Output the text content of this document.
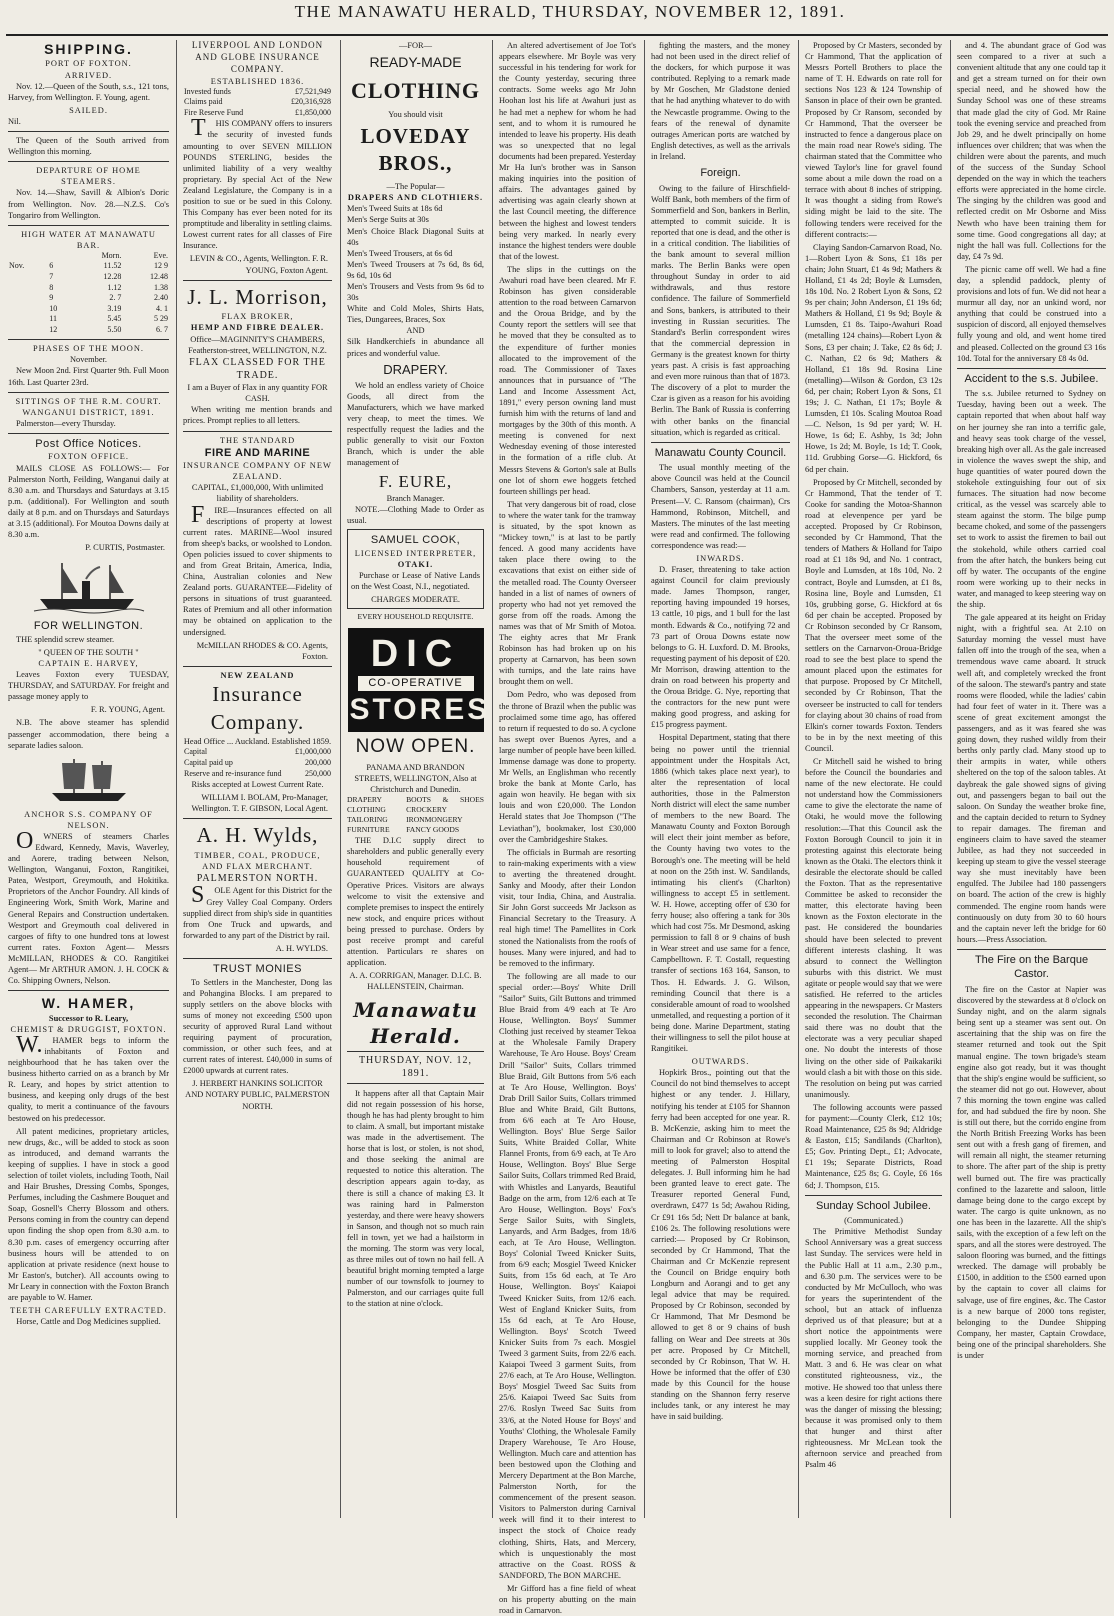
THE MANAWATU HERALD, THURSDAY, NOVEMBER 12, 1891.
SHIPPING.
PORT OF FOXTON.
ARRIVED.
Nov. 12.—Queen of the South, s.s., 121 tons, Harvey, from Wellington. F. Young, agent.
SAILED.
Nil.
The Queen of the South arrived from Wellington this morning.
DEPARTURE OF HOME STEAMERS.
Nov. 14.—Shaw, Savill & Albion's Doric from Wellington. Nov. 28.—N.Z.S. Co's Tongariro from Wellington.
HIGH WATER AT MANAWATU BAR.
		Morn.	Eve.
Nov.	6	11.52	12 9
	7	12.28	12.48
	8	1.12	1.38
	9	2. 7	2.40
	10	3.19	4. 1
	11	5.45	5 29
	12	5.50	6. 7
PHASES OF THE MOON.
November.
New Moon 2nd. First Quarter 9th. Full Moon 16th. Last Quarter 23rd.
SITTINGS OF THE R.M. COURT.
WANGANUI DISTRICT, 1891.
Palmerston—every Thursday.
Post Office Notices.
FOXTON OFFICE.
MAILS CLOSE AS FOLLOWS:— For Palmerston North, Feilding, Wanganui daily at 8.30 a.m. and Thursdays and Saturdays at 3.15 p.m. (additional). For Wellington and south daily at 8 p.m. and on Thursdays and Saturdays at 3.15 (additional). For Moutoa Downs daily at 8.30 a.m.
P. CURTIS, Postmaster.
FOR WELLINGTON.
THE splendid screw steamer.
" QUEEN OF THE SOUTH "
CAPTAIN E. HARVEY,
Leaves Foxton every TUESDAY, THURSDAY, and SATURDAY. For freight and passage money apply to
F. R. YOUNG, Agent.
N.B. The above steamer has splendid passenger accommodation, there being a separate ladies saloon.
ANCHOR S.S. COMPANY OF NELSON.
OWNERS of steamers Charles Edward, Kennedy, Mavis, Waverley, and Aorere, trading between Nelson, Wellington, Wanganui, Foxton, Rangitikei, Patea, Westport, Greymouth, and Hokitika. Proprietors of the Anchor Foundry. All kinds of Engineering Work, Smith Work, Marine and General Repairs and Construction undertaken. Westport and Greymouth coal delivered in cargoes of fifty to one hundred tons at lowest current rates. Foxton Agent— Messrs McMILLAN, RHODES & CO. Rangitikei Agent— Mr ARTHUR AMON. J. H. COCK & Co. Shipping Owners, Nelson.
W. HAMER,
Successor to R. Leary,
CHEMIST & DRUGGIST, FOXTON.
W.HAMER begs to inform the inhabitants of Foxton and neighbourhood that he has taken over the business hitherto carried on as a branch by Mr R. Leary, and hopes by strict attention to business, and keeping only drugs of the best quality, to merit a continuance of the favours bestowed on his predecessor.
All patent medicines, proprietary articles, new drugs, &c., will be added to stock as soon as introduced, and demand warrants the keeping of supplies. I have in stock a good selection of toilet violets, including Tooth, Nail and Hair Brushes, Dressing Combs, Sponges, Perfumes, including the Cashmere Bouquet and Soap, Gosnell's Cherry Blossom and others. Persons coming in from the country can depend upon finding the shop open from 8.30 a.m. to 8.30 p.m. cases of emergency occurring after business hours will be attended to on application at private residence (next house to Mr Easton's, butcher). All accounts owing to Mr Leary in connection with the Foxton Branch are payable to W. Hamer.
TEETH CAREFULLY EXTRACTED.
Horse, Cattle and Dog Medicines supplied.
LIVERPOOL AND LONDON AND GLOBE INSURANCE COMPANY.
ESTABLISHED 1836.
Invested funds	£7,521,949
Claims paid	£20,316,928
Fire Reserve Fund	£1,850,000
THIS COMPANY offers to insurers the security of invested funds amounting to over SEVEN MILLION POUNDS STERLING, besides the unlimited liability of a very wealthy proprietary. By special Act of the New Zealand Legislature, the Company is in a position to sue or be sued in this Colony. This Company has ever been noted for its promptitude and liberality in settling claims. Lowest current rates for all classes of Fire Insurance.
LEVIN & CO., Agents, Wellington. F. R. YOUNG, Foxton Agent.
J. L. Morrison,
FLAX BROKER,
HEMP AND FIBRE DEALER.
Office—MAGINNITY'S CHAMBERS, Featherston-street, WELLINGTON, N.Z.
FLAX CLASSED FOR THE TRADE.
I am a Buyer of Flax in any quantity FOR CASH.
When writing me mention brands and prices. Prompt replies to all letters.
THE STANDARD
FIRE AND MARINE
INSURANCE COMPANY OF NEW ZEALAND.
CAPITAL, £1,000,000, With unlimited liability of shareholders.
FIRE—Insurances effected on all descriptions of property at lowest current rates. MARINE—Wool insured from sheep's backs, or woolshed to London. Open policies issued to cover shipments to and from Great Britain, America, India, China, Australian colonies and New Zealand ports. GUARANTEE—Fidelity of persons in situations of trust guaranteed. Rates of Premium and all other information may be obtained on application to the undersigned.
McMILLAN RHODES & CO. Agents, Foxton.
NEW ZEALAND
Insurance Company.
Head Office ... Auckland. Established 1859.
Capital	£1,000,000
Capital paid up	200,000
Reserve and re-insurance fund	250,000
Risks accepted at Lowest Current Rate.
WILLIAM I. BOLAM, Pro-Manager, Wellington. T. F. GIBSON, Local Agent.
A. H. Wylds,
TIMBER, COAL, PRODUCE, AND FLAX MERCHANT.
PALMERSTON NORTH.
SOLE Agent for this District for the Grey Valley Coal Company. Orders supplied direct from ship's side in quantities from One Truck and upwards, and forwarded to any part of the District by rail.
A. H. WYLDS.
TRUST MONIES
To Settlers in the Manchester, Dong las and Pohangina Blocks. I am prepared to supply settlers on the above blocks with sums of money not exceeding £500 upon security of approved Rural Land without requiring payment of procuration, commission, or other such fees, and at current rates of interest. £40,000 in sums of £2000 upwards at current rates.
J. HERBERT HANKINS SOLICITOR AND NOTARY PUBLIC, PALMERSTON NORTH.
—FOR—
READY-MADE
CLOTHING
You should visit
LOVEDAY BROS.,
—The Popular—
DRAPERS AND CLOTHIERS.
Men's Tweed Suits at 18s 6d
Men's Serge Suits at 30s
Men's Choice Black Diagonal Suits at 40s
Men's Tweed Trousers, at 6s 6d
Men's Tweed Trousers at 7s 6d, 8s 6d, 9s 6d, 10s 6d
Men's Trousers and Vests from 9s 6d to 30s
White and Cold Moles, Shirts Hats, Ties, Dungarees, Braces, Sox
AND
Silk Handkerchiefs in abundance all prices and wonderful value.
DRAPERY.
We hold an endless variety of Choice Goods, all direct from the Manufacturers, which we have marked very cheap, to meet the times. We respectfully request the ladies and the public generally to visit our Foxton Branch, which is under the able management of
F. EURE,
Branch Manager.
NOTE.—Clothing Made to Order as usual.
SAMUEL COOK,
LICENSED INTERPRETER,
OTAKI.
Purchase or Lease of Native Lands on the West Coast, N.I., negotiated.
CHARGES MODERATE.
EVERY HOUSEHOLD REQUISITE.
DIC
CO-OPERATIVE
STORES
NOW OPEN.
PANAMA AND BRANDON STREETS, WELLINGTON, Also at Christchurch and Dunedin.
DRAPERY CLOTHING TAILORING FURNITURE
BOOTS & SHOES CROCKERY IRONMONGERY FANCY GOODS
THE D.I.C supply direct to shareholders and public generally every household requirement of GUARANTEED QUALITY at Co-Operative Prices. Visitors are always welcome to visit the extensive and complete premises to inspect the entirely new stock, and enquire prices without being pressed to purchase. Orders by post receive prompt and careful attention. Particulars re shares on application.
A. A. CORRIGAN, Manager. D.I.C. B. HALLENSTEIN, Chairman.
Manawatu Herald.
THURSDAY, NOV. 12, 1891.
It happens after all that Captain Mair did not regain possession of his horse, though he has had plenty brought to him to claim. A small, but important mistake was made in the advertisement. The horse that is lost, or stolen, is not shod, and those seeking the animal are requested to notice this alteration. The description appears again to-day, as there is still a chance of making £3. It was raining hard in Palmerston yesterday, and there were heavy showers in Sanson, and though not so much rain fell in town, yet we had a hailstorm in the morning. The storm was very local, as three miles out of town no hail fell. A beautiful bright morning tempted a large number of our townsfolk to journey to Palmerston, and our carriages quite full to the station at nine o'clock.
An altered advertisement of Joe Tot's appears elsewhere. Mr Boyle was very successful in his tendering for work for the County yesterday, securing three contracts. Some weeks ago Mr John Hoohan lost his life at Awahuri just as he had met a nephew for whom he had sent, and to whom it is rumoured he intended to leave his property. His death was so unexpected that no legal documents had been prepared. Yesterday Mr Ha Iun's brother was in Sanson making inquiries into the position of affairs. The advantages gained by advertising was again clearly shown at the last Council meeting, the difference between the highest and lowest tenders being very marked. In nearly every instance the highest tenders were double that of the lowest.
The slips in the cuttings on the Awahuri road have been cleared. Mr F. Robinson has given considerable attention to the road between Carnarvon and the Oroua Bridge, and by the County report the settlers will see that he moved that they be consulted as to the expenditure of further monies allocated to the improvement of the road. The Commissioner of Taxes announces that in pursuance of "The Land and Income Assessment Act, 1891," every person owning land must furnish him with the returns of land and mortgages by the 30th of this month. A meeting is convened for next Wednesday evening of those interested in the formation of a rifle club. At Messrs Stevens & Gorton's sale at Bulls one lot of shorn ewe hoggets fetched fourteen shillings per head.
That very dangerous bit of road, close to where the water tank for the tramway is situated, by the spot known as "Mickey town," is at last to be partly fenced. A good many accidents have taken place there owing to the excavations that exist on either side of the metalled road. The County Overseer handed in a list of names of owners of property who had not yet removed the gorse from off the roads. Among the names was that of Mr Smith of Motoa. The eighty acres that Mr Frank Robinson has had broken up on his property at Carnarvon, has been sown with turnips, and the late rains have brought them on well.
Dom Pedro, who was deposed from the throne of Brazil when the public was proclaimed some time ago, has offered to return if requested to do so. A cyclone has swept over Buenos Ayres, and a large number of people have been killed. Immense damage was done to property. Mr Wells, an Englishman who recently broke the bank at Monte Carlo, has again won heavily. He began with six louis and won £20,000. The London Herald states that Joe Thompson ("The Leviathan"), bookmaker, lost £30,000 over the Cambridgeshire Stakes.
The officials in Burmah are resorting to rain-making experiments with a view to averting the threatened drought. Sanky and Moody, after their London visit, tour India, China, and Australia. Sir John Gorst succeeds Mr Jackson as Financial Secretary to the Treasury. A real high time! The Pamellites in Cork stoned the Nationalists from the roofs of houses. Many were injured, and had to be removed to the infirmary.
The following are all made to our special order:—Boys' White Drill "Sailor" Suits, Gilt Buttons and trimmed Blue Braid from 4/9 each at Te Aro House, Wellington. Boys' Summer Clothing just received by steamer Tekoa at the Wholesale Family Drapery Warehouse, Te Aro House. Boys' Cream Drill "Sailor" Suits, Collars trimmed Blue Braid, Gilt Buttons from 5/6 each at Te Aro House, Wellington. Boys' Drab Drill Sailor Suits, Collars trimmed Blue and White Braid, Gilt Buttons, from 6/6 each at Te Aro House, Wellington. Boys' Blue Serge Sailor Suits, White Braided Collar, White Flannel Fronts, from 6/9 each, at Te Aro House, Wellington. Boys' Blue Serge Sailor Suits, Collars trimmed Red Braid, with Whistles and Lanyards, Beautiful Badge on the arm, from 12/6 each at Te Aro House, Wellington. Boys' Fox's Serge Sailor Suits, with Singlets, Lanyards, and Arm Badges, from 18/6 each, at Te Aro House, Wellington. Boys' Colonial Tweed Knicker Suits, from 6/9 each; Mosgiel Tweed Knicker Suits, from 15s 6d each, at Te Aro House, Wellington. Boys' Kaiapoi Tweed Knicker Suits, from 12/6 each. West of England Knicker Suits, from 15s 6d each, at Te Aro House, Wellington. Boys' Scotch Tweed Knicker Suits from 7s each. Mosgiel Tweed 3 garment Suits, from 22/6 each. Kaiapoi Tweed 3 garment Suits, from 27/6 each, at Te Aro House, Wellington. Boys' Mosgiel Tweed Sac Suits from 25/6. Kaiapoi Tweed Sac Suits from 27/6. Roslyn Tweed Sac Suits from 33/6, at the Noted House for Boys' and Youths' Clothing, the Wholesale Family Drapery Warehouse, Te Aro House, Wellington. Much care and attention has been bestowed upon the Clothing and Mercery Department at the Bon Marche, Palmerston North, for the commencement of the present season. Visitors to Palmerston during Carnival week will find it to their interest to inspect the stock of Choice ready clothing, Shirts, Hats, and Mercery, which is unquestionably the most attractive on the Coast. ROSS & SANDFORD, The BON MARCHE.
Mr Gifford has a fine field of wheat on his property abutting on the main road in Carnarvon.
fighting the masters, and the money had not been used in the direct relief of the dockers, for which purpose it was contributed. Replying to a remark made by Mr Goschen, Mr Gladstone denied that he had anything whatever to do with the Newcastle programme. Owing to the fears of the renewal of dynamite outrages American ports are watched by English detectives, as well as the arrivals in Ireland.
Foreign.
Owing to the failure of Hirschfield-Wolff Bank, both members of the firm of Sommerfield and Son, bankers in Berlin, attempted to commit suicide. It is reported that one is dead, and the other is in a critical condition. The liabilities of the bank amount to several million marks. The Berlin Banks were open throughout Sunday in order to aid withdrawals, and thus restore confidence. The failure of Sommerfield and Sons, bankers, is attributed to their investing in Russian securities. The Standard's Berlin correspondent wires that the commercial depression in Germany is the greatest known for thirty years past. A crisis is fast approaching and even more ruinous than that of 1873. The discovery of a plot to murder the Czar is given as a reason for his avoiding Berlin. The Bank of Russia is conferring with other banks on the financial situation, which is regarded as critical.
Manawatu County Council.
The usual monthly meeting of the above Council was held at the Council Chambers, Sanson, yesterday at 11 a.m. Present—V. C. Ransom (chairman), Crs Hammond, Robinson, Mitchell, and Masters. The minutes of the last meeting were read and confirmed. The following correspondence was read:—
INWARDS.
D. Fraser, threatening to take action against Council for claim previously made. James Thompson, ranger, reporting having impounded 19 horses, 13 cattle, 10 pigs, and 1 bull for the last month. Edwards & Co., notifying 72 and 73 part of Oroua Downs estate now belongs to G. H. Luxford. D. M. Brooks, requesting payment of his deposit of £20. Mr Morrison, drawing attention to the drain on road between his property and the Oroua Bridge. G. Nye, reporting that the contractors for the new punt were making good progress, and asking for £15 progress payment.
Hospital Department, stating that there being no power until the triennial appointment under the Hospitals Act, 1886 (which takes place next year), to alter the representation of local authorities, those in the Palmerston North district will elect the same number of members to the new Board. The Manawatu County and Foxton Borough will elect their joint member as before, the County having two votes to the Borough's one. The meeting will be held at noon on the 25th inst. W. Sandilands, intimating his client's (Charlton) willingness to accept £5 in settlement. W. H. Howe, accepting offer of £30 for ferry house; also offering a tank for 30s which had cost 75s. Mr Desmond, asking permission to fall 8 or 9 chains of bush in Wear street and use same for a fence, Campbelltown. F. T. Costall, requesting transfer of sections 163 164, Sanson, to Thos. H. Edwards. J. G. Wilson, reminding Council that there is a considerable amount of road to woolshed unmetalled, and requesting a portion of it being done. Marine Department, stating their willingness to sell the pilot house at Rangitikei.
OUTWARDS.
Hopkirk Bros., pointing out that the Council do not bind themselves to accept highest or any tender. J. Hillary, notifying his tender at £105 for Shannon ferry had been accepted for one year. R. B. McKenzie, asking him to meet the Chairman and Cr Robinson at Rowe's mill to look for gravel; also to attend the meeting of Palmerston Hospital delegates. J. Bull informing him he had been granted leave to erect gate. The Treasurer reported General Fund, overdrawn, £477 1s 5d; Awahou Riding, Cr £91 16s 5d; Nett Dr balance at bank, £106 2s. The following resolutions were carried:— Proposed by Cr Robinson, seconded by Cr Hammond, That the Chairman and Cr McKenzie represent the Council on Bridge enquiry both Longburn and Aorangi and to get any legal advice that may be required. Proposed by Cr Robinson, seconded by Cr Hammond, That Mr Desmond be allowed to get 8 or 9 chains of bush falling on Wear and Dee streets at 30s per acre. Proposed by Cr Mitchell, seconded by Cr Robinson, That W. H. Howe be informed that the offer of £30 made by this Council for the house standing on the Shannon ferry reserve includes tank, or any interest he may have in said building.
Proposed by Cr Masters, seconded by Cr Hammond, That the application of Messrs Portell Brothers to place the name of T. H. Edwards on rate roll for sections Nos 123 & 124 Township of Sanson in place of their own be granted. Proposed by Cr Ransom, seconded by Cr Hammond, That the overseer be instructed to fence a dangerous place on the main road near Rowe's siding. The chairman stated that the Committee who viewed Taylor's line for gravel found some about a mile down the road on a terrace with about 8 inches of stripping. It was thought a siding from Rowe's siding might be laid to the site. The following tenders were received for the different contracts:—
Claying Sandon-Carnarvon Road, No. 1—Robert Lyon & Sons, £1 18s per chain; John Stuart, £1 4s 9d; Mathers & Holland, £1 4s 2d; Boyle & Lumsden, 18s 10d. No. 2 Robert Lyon & Sons, £2 9s per chain; John Anderson, £1 19s 6d; Mathers & Holland, £1 9s 9d; Boyle & Lumsden, £1 8s. Taipo-Awahuri Road (metalling 124 chains)—Robert Lyon & Sons, £3 per chain; J. Take, £2 8s 6d; J. C. Nathan, £2 6s 9d; Mathers & Holland, £1 18s 9d. Rosina Line (metalling)—Wilson & Gordon, £3 12s 6d, per chain; Robert Lyon & Sons, £1 19s; J. C. Nathan, £1 17s; Boyle & Lumsden, £1 10s. Scaling Moutoa Road—C. Nelson, 1s 9d per yard; W. H. Howe, 1s 6d; E. Ashby, 1s 3d; John Howe, 1s 2d; M. Boyle, 1s 1d; T. Cook, 11d. Grubbing Gorse—G. Hickford, 6s 6d per chain.
Proposed by Cr Mitchell, seconded by Cr Hammond, That the tender of T. Cooke for sanding the Motoa-Shannon road at elevenpence per yard be accepted. Proposed by Cr Robinson, seconded by Cr Hammond, That the tenders of Mathers & Holland for Taipo road at £1 18s 9d, and No. 1 contract, Boyle and Lumsden, at 18s 10d, No. 2 contract, Boyle and Lumsden, at £1 8s, Rosina line, Boyle and Lumsden, £1 10s, grubbing gorse, G. Hickford at 6s 6d per chain be accepted. Proposed by Cr Robinson seconded by Cr Ransom, That the overseer meet some of the settlers on the Carnarvon-Oroua-Bridge road to see the best place to spend the amount placed upon the estimates for that purpose. Proposed by Cr Mitchell, seconded by Cr Robinson, That the overseer be instructed to call for tenders for claying about 30 chains of road from Elkin's corner towards Foxton. Tenders to be in by the next meeting of this Council.
Cr Mitchell said he wished to bring before the Council the boundaries and name of the new electorate. He could not understand how the Commissioners came to give the electorate the name of Otaki, he would move the following resolution:—That this Council ask the Foxton Borough Council to join it in protesting against this electorate being known as the Otaki. The electors think it desirable the electorate should be called the Foxton. That as the representative Committee be asked to reconsider the matter, this electorate having been known as the Foxton electorate in the past. He considered the boundaries should have been selected to prevent different interests clashing. It was absurd to connect the Wellington suburbs with this district. We must agitate or people would say that we were satisfied. He referred to the articles appearing in the newspapers. Cr Masters seconded the resolution. The Chairman said there was no doubt that the electorate was a very peculiar shaped one. No doubt the interests of those living on the other side of Paikakariki would clash a bit with those on this side. The resolution on being put was carried unanimously.
The following accounts were passed for payment:—County Clerk, £12 10s; Road Maintenance, £25 8s 9d; Aldridge & Easton, £15; Sandilands (Charlton), £5; Gov. Printing Dept., £1; Advocate, £1 19s; Separate Districts, Road Maintenance, £25 8s; G. Coyle, £6 16s 6d; J. Thompson, £15.
Sunday School Jubilee.
(Communicated.)
The Primitive Methodist Sunday School Anniversary was a great success last Sunday. The services were held in the Public Hall at 11 a.m., 2.30 p.m., and 6.30 p.m. The services were to be conducted by Mr McCulloch, who was for years the superintendent of the school, but an attack of influenza deprived us of that pleasure; but at a short notice the appointments were supplied locally. Mr Geoney took the morning service, and preached from Matt. 3 and 6. He was clear on what constituted righteousness, viz., the motive. He showed too that unless there was a keen desire for right actions there was the danger of missing the blessing; because it was promised only to them that hunger and thirst after righteousness. Mr McLean took the afternoon service and preached from Psalm 46
and 4. The abundant grace of God was seen compared to a river at such a convenient altitude that any one could tap it and get a stream turned on for their own special need, and he showed how the Sunday School was one of these streams that made glad the city of God. Mr Raine took the evening service and preached from Job 29, and he dwelt principally on home influences over children; that was when the children were about the parents, and much of the success of the Sunday School depended on the way in which the teachers efforts were appreciated in the home circle. The singing by the children was good and reflected credit on Mr Osborne and Miss Newth who have been training them for some time. Good congregations all day; at night the hall was full. Collections for the day, £4 7s 9d.
The picnic came off well. We had a fine day, a splendid paddock, plenty of provisions and lots of fun. We did not hear a murmur all day, nor an unkind word, nor anything that could be construed into a suspicion of discord, all enjoyed themselves fully young and old, and went home tired and pleased. Collected on the ground £3 16s 10d. Total for the anniversary £8 4s 0d.
Accident to the s.s. Jubilee.
The s.s. Jubilee returned to Sydney on Tuesday, having been out a week. The captain reported that when about half way on her journey she ran into a terrific gale, and heavy seas took charge of the vessel, breaking high over all. As the gale increased in violence the waves swept the ship, and huge quantities of water poured down the stokehole extinguishing four out of six furnaces. The situation had now become critical, as the vessel was scarcely able to steam against the storm. The bilge pump became choked, and some of the passengers set to work to assist the firemen to bail out the stokehold, while others carried coal from the after hatch, the bunkers being cut off by water. The occupants of the engine room were working up to their necks in water, and managed to keep steering way on the ship.
The gale appeared at its height on Friday night, with a frightful sea. At 2.10 on Saturday morning the vessel must have fallen off into the trough of the sea, when a tremendous wave came aboard. It struck well aft, and completely wrecked the front of the saloon. The steward's pantry and state rooms were flooded, while the ladies' cabin had four feet of water in it. There was a scene of great excitement amongst the passengers, and as it was feared she was going down, they rushed wildly from their berths only partly clad. Many stood up to their armpits in water, while others sheltered on the top of the saloon tables. At daybreak the gale showed signs of giving out, and passengers began to bail out the saloon. On Sunday the weather broke fine, and the captain decided to return to Sydney to repair damages. The fireman and engineers claim to have saved the steamer Jubilee, as had they not succeeded in keeping up steam to give the vessel steerage way she must inevitably have been engulfed. The Jubilee had 180 passengers on board. The action of the crew is highly commended. The engine room hands were continuously on duty from 30 to 60 hours and the captain never left the bridge for 60 hours.—Press Association.
The Fire on the Barque Castor.
The fire on the Castor at Napier was discovered by the stewardess at 8 o'clock on Sunday night, and on the alarm signals being sent up a steamer was sent out. On ascertaining that the ship was on fire the steamer returned and took out the Spit manual engine. The town brigade's steam engine also got ready, but it was thought that the ship's engine would be sufficient, so the steamer did not go out. However, about 7 this morning the town engine was called for, and had subdued the fire by noon. She is still out there, but the corrido engine from the North British Freezing Works has been sent out with a fresh gang of firemen, and will remain all night, the steamer returning to shore. The after part of the ship is pretty well burned out. The fire was practically confined to the lazarette and saloon, little damage being done to the cargo except by water. The cargo is quite unknown, as no one has been in the lazarette. All the ship's sails, with the exception of a few left on the spars, and all the stores were destroyed. The saloon flooring was burned, and the fittings wrecked. The damage will probably be £1500, in addition to the £500 earned upon by the captain to cover all claims for salvage, use of fire engines, &c. The Castor is a new barque of 2000 tons register, belonging to the Dundee Shipping Company, her master, Captain Crowdace, being one of the principal shareholders. She is under
